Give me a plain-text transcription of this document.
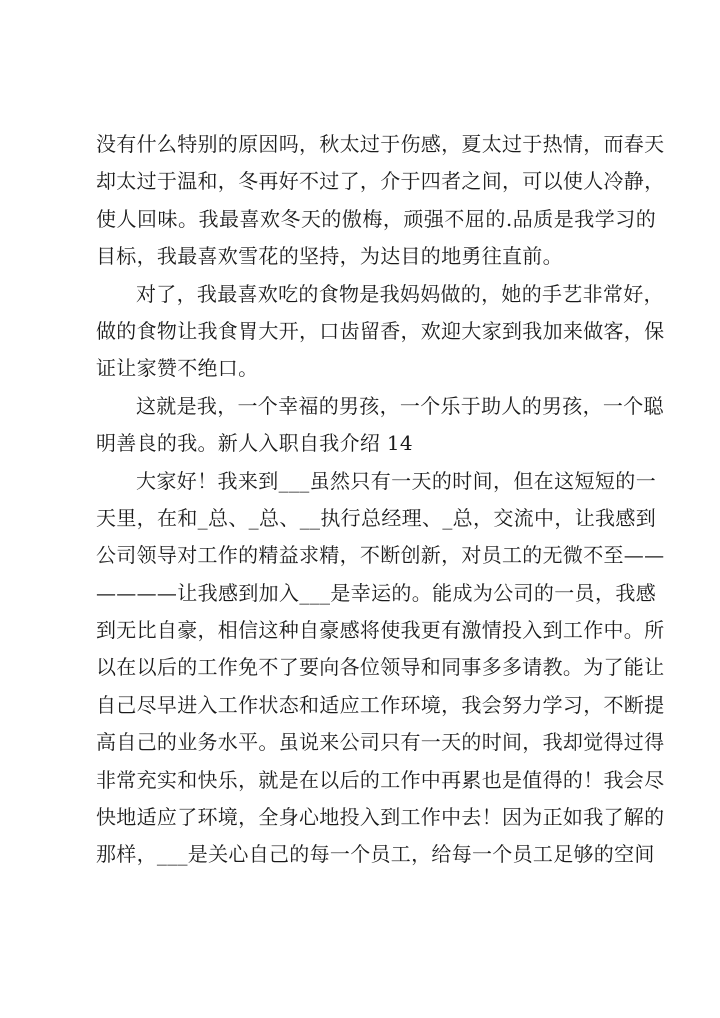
没有什么特别的原因吗，秋太过于伤感，夏太过于热情，而春天
却太过于温和，冬再好不过了，介于四者之间，可以使人冷静，
使人回味。我最喜欢冬天的傲梅，顽强不屈的.品质是我学习的
目标，我最喜欢雪花的坚持，为达目的地勇往直前。
对了，我最喜欢吃的食物是我妈妈做的，她的手艺非常好，
做的食物让我食胃大开，口齿留香，欢迎大家到我加来做客，保
证让家赞不绝口。
这就是我，一个幸福的男孩，一个乐于助人的男孩，一个聪
明善良的我。新人入职自我介绍 14
大家好！我来到___虽然只有一天的时间，但在这短短的一
天里，在和_总、_总、__执行总经理、_总，交流中，让我感到
公司领导对工作的精益求精，不断创新，对员工的无微不至——
————让我感到加入___是幸运的。能成为公司的一员，我感
到无比自豪，相信这种自豪感将使我更有激情投入到工作中。所
以在以后的工作免不了要向各位领导和同事多多请教。为了能让
自己尽早进入工作状态和适应工作环境，我会努力学习，不断提
高自己的业务水平。虽说来公司只有一天的时间，我却觉得过得
非常充实和快乐，就是在以后的工作中再累也是值得的！我会尽
快地适应了环境，全身心地投入到工作中去！因为正如我了解的
那样，___是关心自己的每一个员工，给每一个员工足够的空间
